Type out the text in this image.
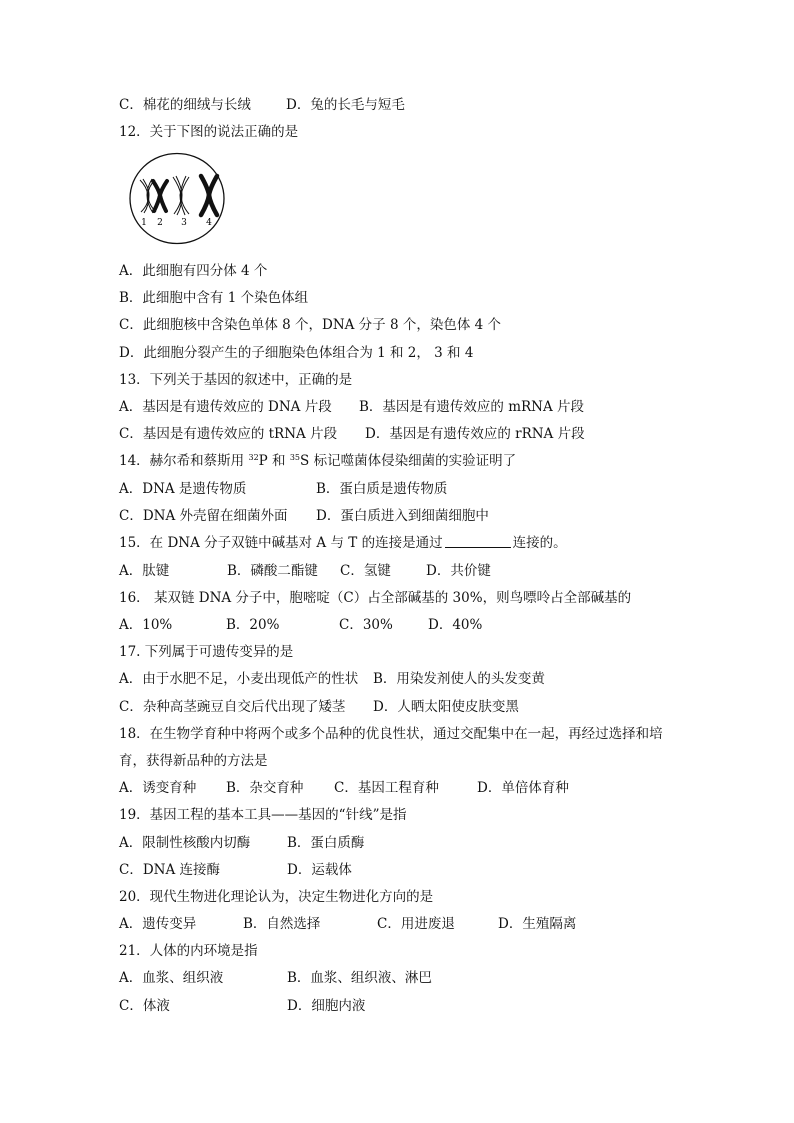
C．棉花的细绒与长绒	D．兔的长毛与短毛
12．关于下图的说法正确的是
1 2 3 4
A．此细胞有四分体 4 个
B．此细胞中含有 1 个染色体组
C．此细胞核中含染色单体 8 个，DNA 分子 8 个，染色体 4 个
D．此细胞分裂产生的子细胞染色体组合为 1 和 2， 3 和 4
13．下列关于基因的叙述中，正确的是
A．基因是有遗传效应的 DNA 片段 B．基因是有遗传效应的 mRNA 片段
C．基因是有遗传效应的 tRNA 片段 D．基因是有遗传效应的 rRNA 片段
14．赫尔希和蔡斯用 $^{32}$P 和 $^{35}$S 标记噬菌体侵染细菌的实验证明了
A．DNA 是遗传物质	B．蛋白质是遗传物质
C．DNA 外壳留在细菌外面 D．蛋白质进入到细菌细胞中
15．在 DNA 分子双链中碱基对 A 与 T 的连接是通过	连接的。
A．肽键	B．磷酸二酯键 C．氢键	D．共价键
16． 某双链 DNA 分子中，胞嘧啶（C）占全部碱基的 30%，则鸟嘌呤占全部碱基的
A．10%	B．20%	C．30%	D．40%
17. 下列属于可遗传变异的是
A．由于水肥不足，小麦出现低产的性状 B．用染发剂使人的头发变黄
C．杂种高茎豌豆自交后代出现了矮茎 D．人晒太阳使皮肤变黑
18．在生物学育种中将两个或多个品种的优良性状，通过交配集中在一起，再经过选择和培
育，获得新品种的方法是
A．诱变育种 B．杂交育种 C．基因工程育种	D．单倍体育种
19．基因工程的基本工具——基因的“针线”是指
A．限制性核酸内切酶	B．蛋白质酶
C．DNA 连接酶	D．运载体
20．现代生物进化理论认为，决定生物进化方向的是
A．遗传变异	B．自然选择	C．用进废退	D．生殖隔离
21．人体的内环境是指
A．血浆、组织液	B．血浆、组织液、淋巴
C．体液	D．细胞内液
